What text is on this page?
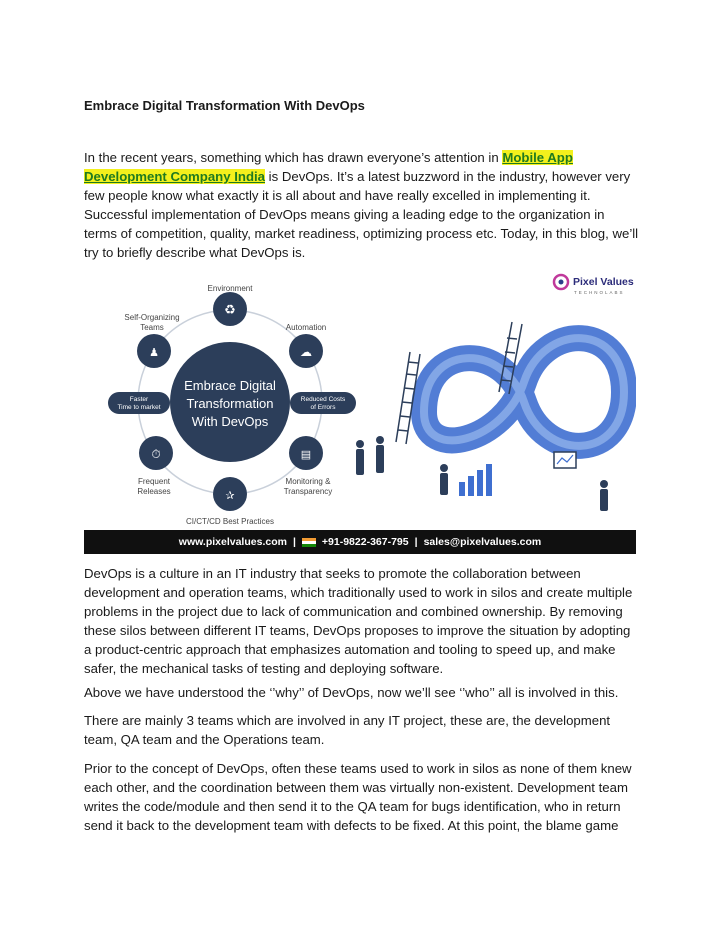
Embrace Digital Transformation With DevOps

In the recent years, something which has drawn everyone’s attention in Mobile App Development Company India is DevOps. It’s a latest buzzword in the industry, however very few people know what exactly it is all about and have really excelled in implementing it. Successful implementation of DevOps means giving a leading edge to the organization in terms of competition, quality, market readiness, optimizing process etc. Today, in this blog, we’ll try to briefly describe what DevOps is.

Embrace Digital
Transformation
With DevOps
♻
Environment
☁
Automation
♟
Self-Organizing
Teams
Faster
Time to market
Reduced Costs
of Errors
⏱
Frequent
Releases
▤
Monitoring &
Transparency
✰
CI/CT/CD Best Practices
Pixel Values
TECHNOLABS
www.pixelvalues.com | +91-9822-367-795 | sales@pixelvalues.com

DevOps is a culture in an IT industry that seeks to promote the collaboration between development and operation teams, which traditionally used to work in silos and create multiple problems in the project due to lack of communication and combined ownership. By removing these silos between different IT teams, DevOps proposes to improve the situation by adopting a product-centric approach that emphasizes automation and tooling to speed up, and make safer, the mechanical tasks of testing and deploying software.

Above we have understood the ‘’why’’ of DevOps, now we’ll see ‘’who’’ all is involved in this.

There are mainly 3 teams which are involved in any IT project, these are, the development team, QA team and the Operations team.

Prior to the concept of DevOps, often these teams used to work in silos as none of them knew each other, and the coordination between them was virtually non-existent. Development team writes the code/module and then send it to the QA team for bugs identification, who in return send it back to the development team with defects to be fixed. At this point, the blame game
